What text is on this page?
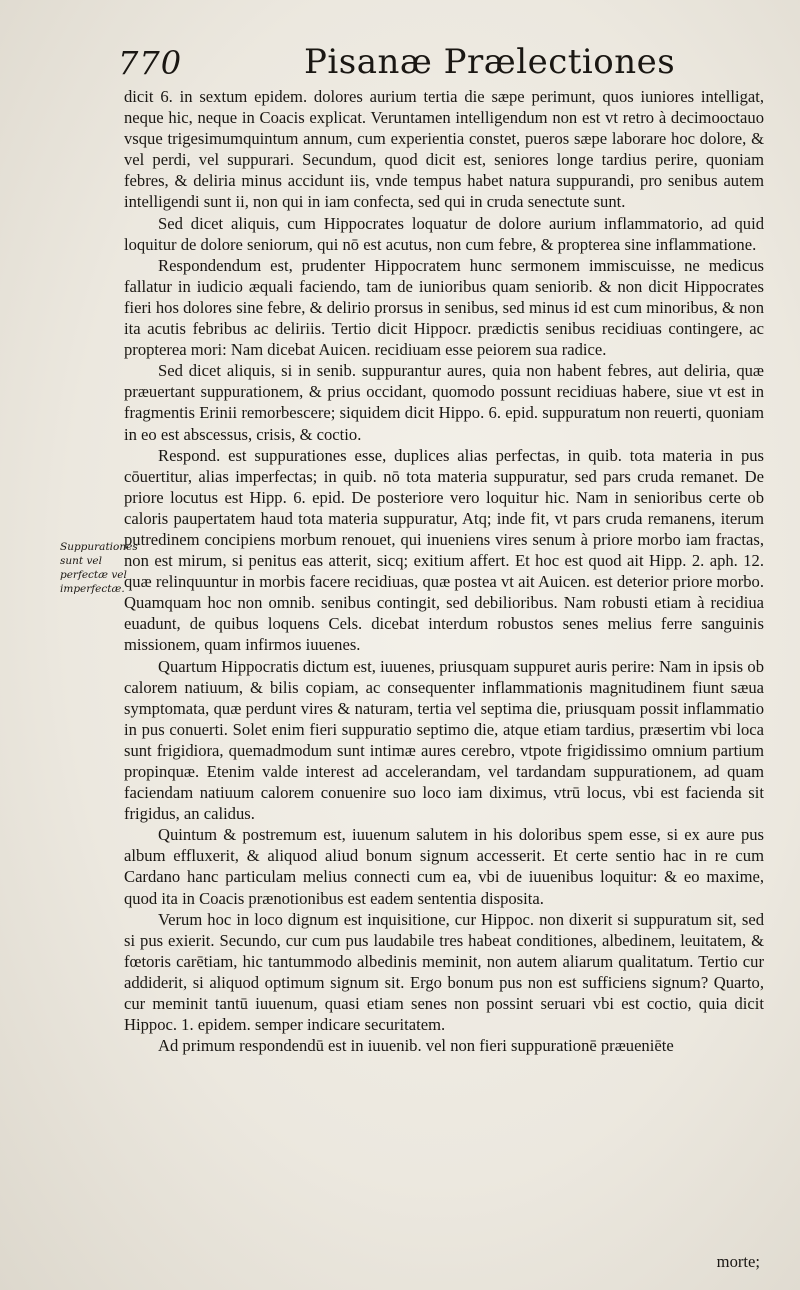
770	Pisanæ Prælectiones
Suppurationes sunt vel perfectæ vel imperfectæ.

dicit 6. in sextum epidem. dolores aurium tertia die sæpe perimunt, quos iuniores intelligat, neque hic, neque in Coacis explicat. Veruntamen intelligendum non est vt retro à decimooctauo vsque trigesimumquintum annum, cum experientia constet, pueros sæpe laborare hoc dolore, & vel perdi, vel suppurari. Secundum, quod dicit est, seniores longe tardius perire, quoniam febres, & deliria minus accidunt iis, vnde tempus habet natura suppurandi, pro senibus autem intelligendi sunt ii, non qui in iam confecta, sed qui in cruda senectute sunt.

Sed dicet aliquis, cum Hippocrates loquatur de dolore aurium inflammatorio, ad quid loquitur de dolore seniorum, qui nō est acutus, non cum febre, & propterea sine inflammatione.

Respondendum est, prudenter Hippocratem hunc sermonem immiscuisse, ne medicus fallatur in iudicio æquali faciendo, tam de iunioribus quam seniorib. & non dicit Hippocrates fieri hos dolores sine febre, & delirio prorsus in senibus, sed minus id est cum minoribus, & non ita acutis febribus ac deliriis. Tertio dicit Hippocr. prædictis senibus recidiuas contingere, ac propterea mori: Nam dicebat Auicen. recidiuam esse peiorem sua radice.

Sed dicet aliquis, si in senib. suppurantur aures, quia non habent febres, aut deliria, quæ præuertant suppurationem, & prius occidant, quomodo possunt recidiuas habere, siue vt est in fragmentis Erinii remorbescere; siquidem dicit Hippo. 6. epid. suppuratum non reuerti, quoniam in eo est abscessus, crisis, & coctio.

Respond. est suppurationes esse, duplices alias perfectas, in quib. tota materia in pus cōuertitur, alias imperfectas; in quib. nō tota materia suppuratur, sed pars cruda remanet. De priore locutus est Hipp. 6. epid. De posteriore vero loquitur hic. Nam in senioribus certe ob caloris paupertatem haud tota materia suppuratur, Atq; inde fit, vt pars cruda remanens, iterum putredinem concipiens morbum renouet, qui inueniens vires senum à priore morbo iam fractas, non est mirum, si penitus eas atterit, sicq; exitium affert. Et hoc est quod ait Hipp. 2. aph. 12. quæ relinquuntur in morbis facere recidiuas, quæ postea vt ait Auicen. est deterior priore morbo. Quamquam hoc non omnib. senibus contingit, sed debilioribus. Nam robusti etiam à recidiua euadunt, de quibus loquens Cels. dicebat interdum robustos senes melius ferre sanguinis missionem, quam infirmos iuuenes.

Quartum Hippocratis dictum est, iuuenes, priusquam suppuret auris perire: Nam in ipsis ob calorem natiuum, & bilis copiam, ac consequenter inflammationis magnitudinem fiunt sæua symptomata, quæ perdunt vires & naturam, tertia vel septima die, priusquam possit inflammatio in pus conuerti. Solet enim fieri suppuratio septimo die, atque etiam tardius, præsertim vbi loca sunt frigidiora, quemadmodum sunt intimæ aures cerebro, vtpote frigidissimo omnium partium propinquæ. Etenim valde interest ad accelerandam, vel tardandam suppurationem, ad quam faciendam natiuum calorem conuenire suo loco iam diximus, vtrū locus, vbi est facienda sit frigidus, an calidus.

Quintum & postremum est, iuuenum salutem in his doloribus spem esse, si ex aure pus album effluxerit, & aliquod aliud bonum signum accesserit. Et certe sentio hac in re cum Cardano hanc particulam melius connecti cum ea, vbi de iuuenibus loquitur: & eo maxime, quod ita in Coacis prænotionibus est eadem sententia disposita.

Verum hoc in loco dignum est inquisitione, cur Hippoc. non dixerit si suppuratum sit, sed si pus exierit. Secundo, cur cum pus laudabile tres habeat conditiones, albedinem, leuitatem, & fœtoris carētiam, hic tantummodo albedinis meminit, non autem aliarum qualitatum. Tertio cur addiderit, si aliquod optimum signum sit. Ergo bonum pus non est sufficiens signum? Quarto, cur meminit tantū iuuenum, quasi etiam senes non possint seruari vbi est coctio, quia dicit Hippoc. 1. epidem. semper indicare securitatem.

Ad primum respondendū est in iuuenib. vel non fieri suppurationē præueniēte

morte;
